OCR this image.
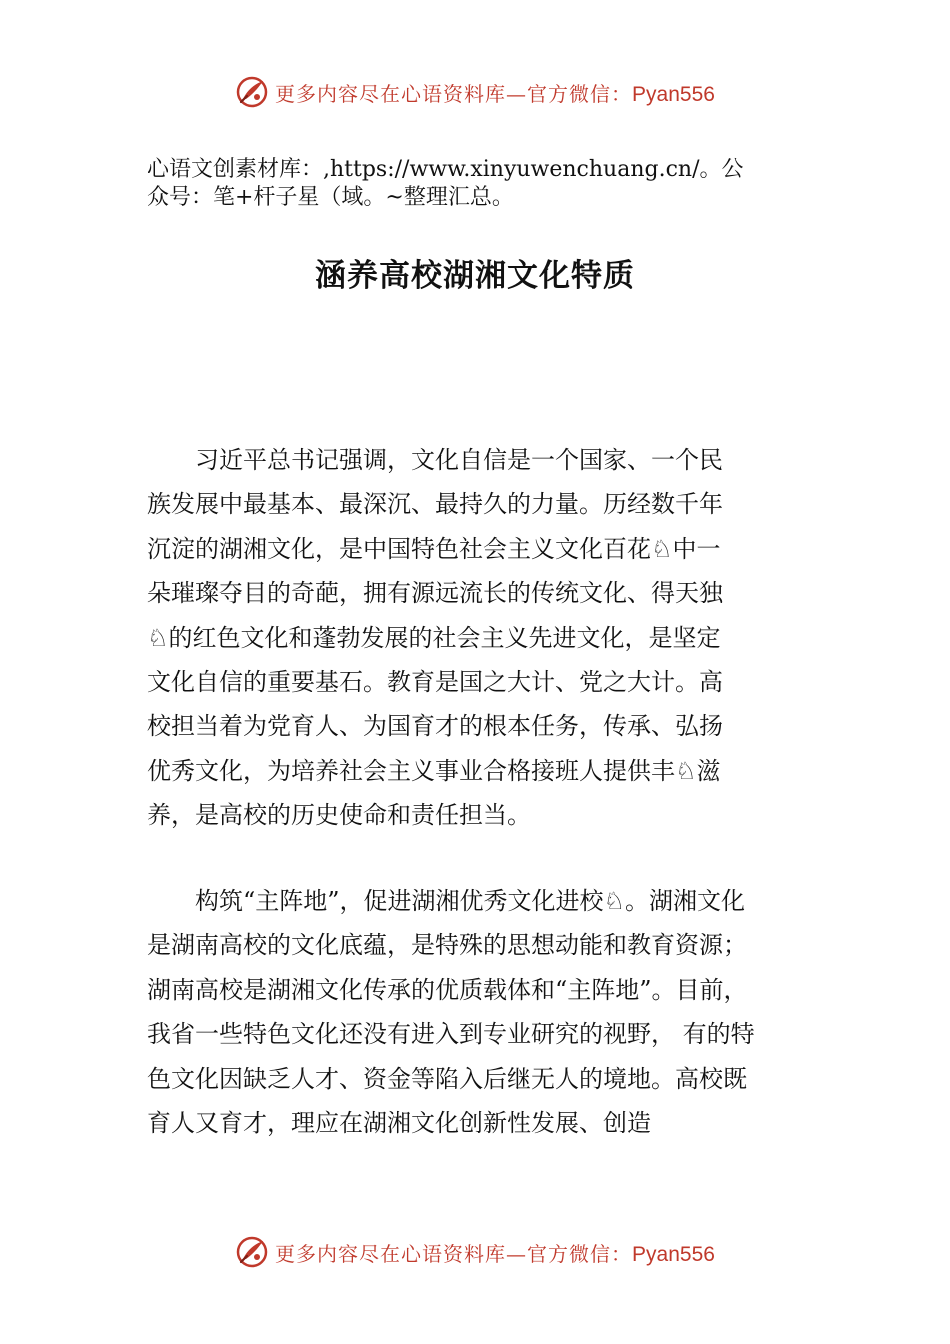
更多内容尽在心语资料库—官方微信：Pyan556
心语文创素材库：,https://www.xinyuwenchuang.cn/。公
众号：笔+杆子星（域。~整理汇总。
涵养高校湖湘文化特质
　　习近平总书记强调，文化自信是一个国家、一个民
族发展中最基本、最深沉、最持久的力量。历经数千年
沉淀的湖湘文化，是中国特色社会主义文化百花♘中一
朵璀璨夺目的奇葩，拥有源远流长的传统文化、得天独
♘的红色文化和蓬勃发展的社会主义先进文化，是坚定
文化自信的重要基石。教育是国之大计、党之大计。高
校担当着为党育人、为国育才的根本任务，传承、弘扬
优秀文化，为培养社会主义事业合格接班人提供丰♘滋
养，是高校的历史使命和责任担当。
　　构筑“主阵地”，促进湖湘优秀文化进校♘。湖湘文化
是湖南高校的文化底蕴，是特殊的思想动能和教育资源；
湖南高校是湖湘文化传承的优质载体和“主阵地”。目前，
我省一些特色文化还没有进入到专业研究的视野， 有的特
色文化因缺乏人才、资金等陷入后继无人的境地。高校既
育人又育才，理应在湖湘文化创新性发展、创造
更多内容尽在心语资料库—官方微信：Pyan556
